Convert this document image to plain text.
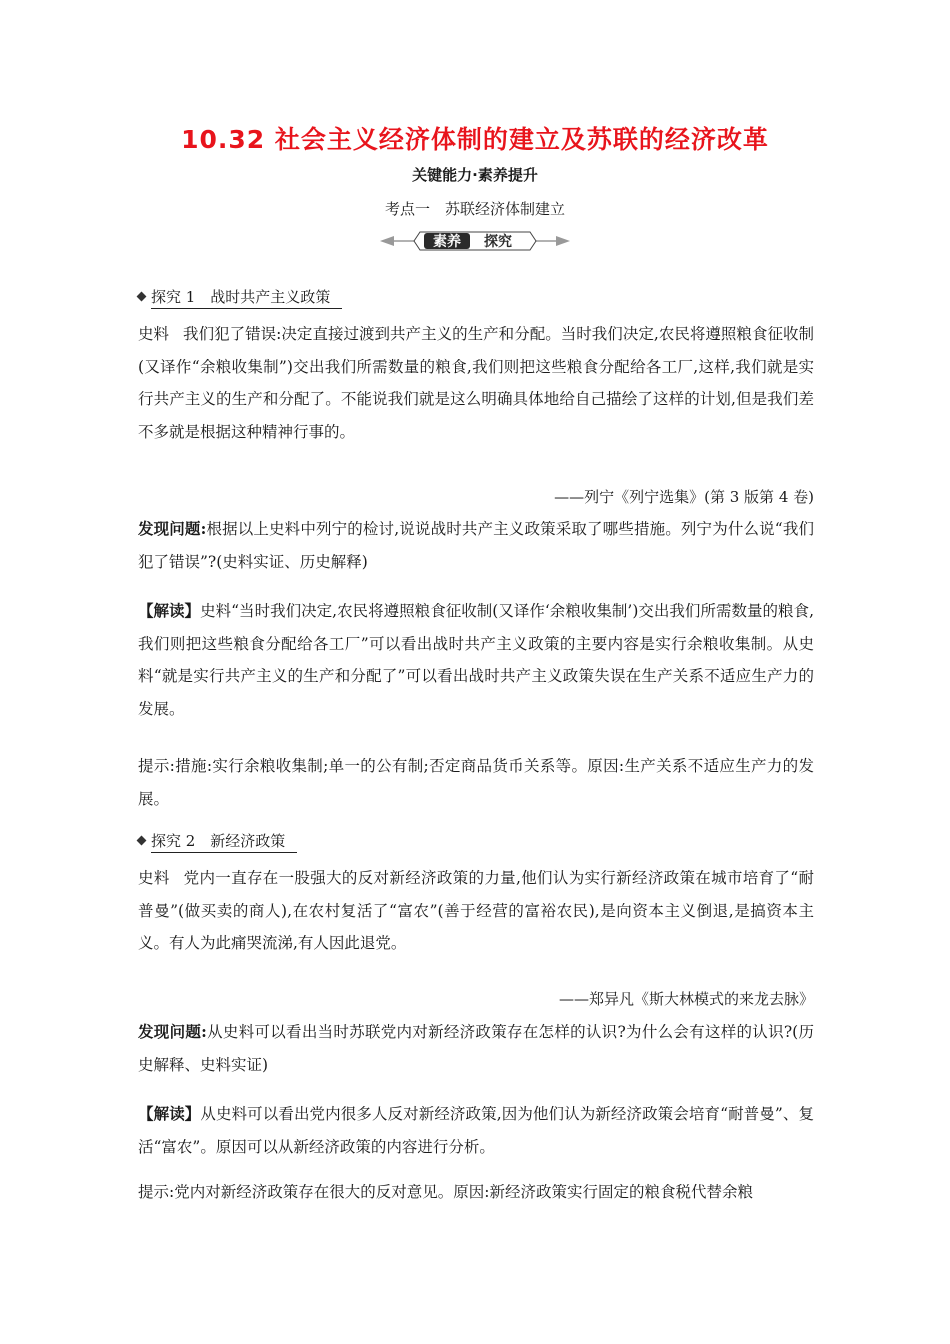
10.32 社会主义经济体制的建立及苏联的经济改革
关键能力·素养提升
考点一　苏联经济体制建立
素养 探究
探究 1　战时共产主义政策
史料 我们犯了错误:决定直接过渡到共产主义的生产和分配。当时我们决定,农民将遵照粮食征收制(又译作“余粮收集制”)交出我们所需数量的粮食,我们则把这些粮食分配给各工厂,这样,我们就是实行共产主义的生产和分配了。不能说我们就是这么明确具体地给自己描绘了这样的计划,但是我们差不多就是根据这种精神行事的。
——列宁《列宁选集》(第 3 版第 4 卷)
发现问题:根据以上史料中列宁的检讨,说说战时共产主义政策采取了哪些措施。列宁为什么说“我们犯了错误”?(史料实证、历史解释)
【解读】史料“当时我们决定,农民将遵照粮食征收制(又译作‘余粮收集制’)交出我们所需数量的粮食,我们则把这些粮食分配给各工厂”可以看出战时共产主义政策的主要内容是实行余粮收集制。从史料“就是实行共产主义的生产和分配了”可以看出战时共产主义政策失误在生产关系不适应生产力的发展。
提示:措施:实行余粮收集制;单一的公有制;否定商品货币关系等。原因:生产关系不适应生产力的发展。
探究 2　新经济政策
史料 党内一直存在一股强大的反对新经济政策的力量,他们认为实行新经济政策在城市培育了“耐普曼”(做买卖的商人),在农村复活了“富农”(善于经营的富裕农民),是向资本主义倒退,是搞资本主义。有人为此痛哭流涕,有人因此退党。
——郑异凡《斯大林模式的来龙去脉》
发现问题:从史料可以看出当时苏联党内对新经济政策存在怎样的认识?为什么会有这样的认识?(历史解释、史料实证)
【解读】从史料可以看出党内很多人反对新经济政策,因为他们认为新经济政策会培育“耐普曼”、复活“富农”。原因可以从新经济政策的内容进行分析。
提示:党内对新经济政策存在很大的反对意见。原因:新经济政策实行固定的粮食税代替余粮
